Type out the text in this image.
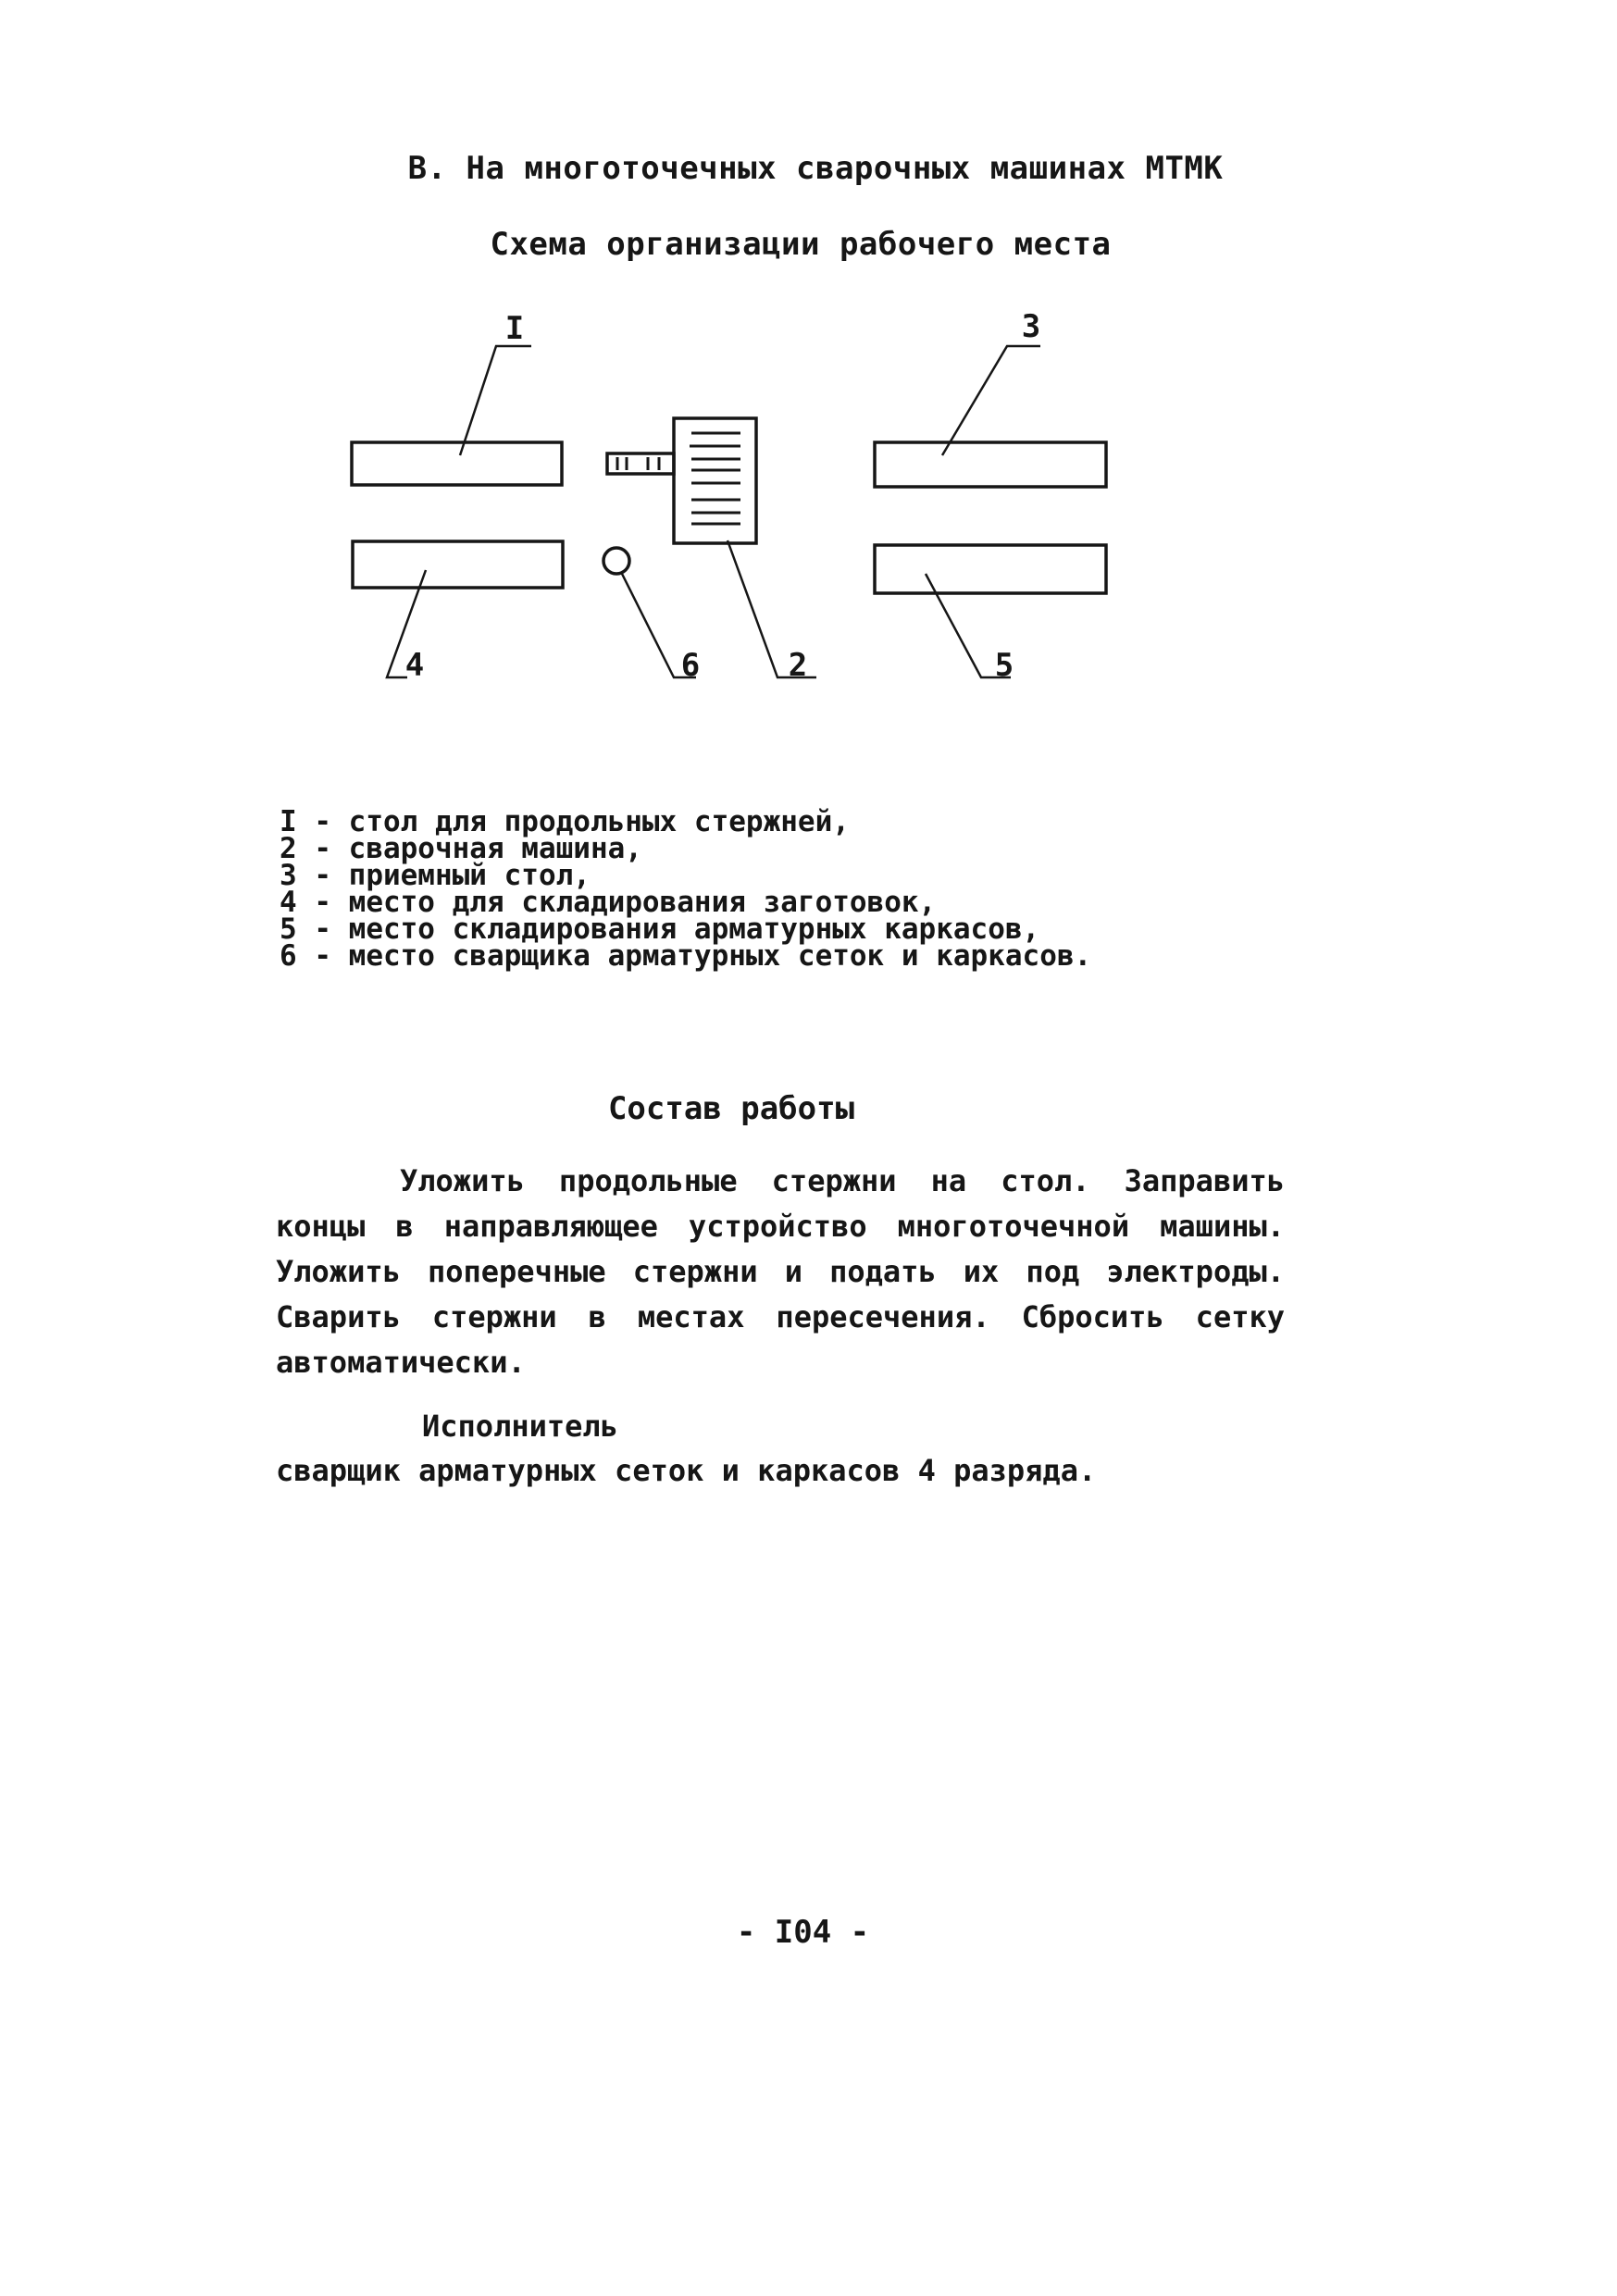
В. На многоточечных сварочных машинах МТМК
Схема организации рабочего места
I	3
4	6	2	5
I - стол для продольных стержней,
2 - сварочная машина,
3 - приемный стол,
4 - место для складирования заготовок,
5 - место складирования арматурных каркасов,
6 - место сварщика арматурных сеток и каркасов.
Состав работы

Уложить продольные стержни на стол. Заправить концы в направляющее устройство многоточечной машины. Уложить поперечные стержни и подать их под электроды. Сварить стержни в местах пересечения. Сбросить сетку автоматически.

Исполнитель
сварщик арматурных сеток и каркасов 4 разряда.
- I04 -
